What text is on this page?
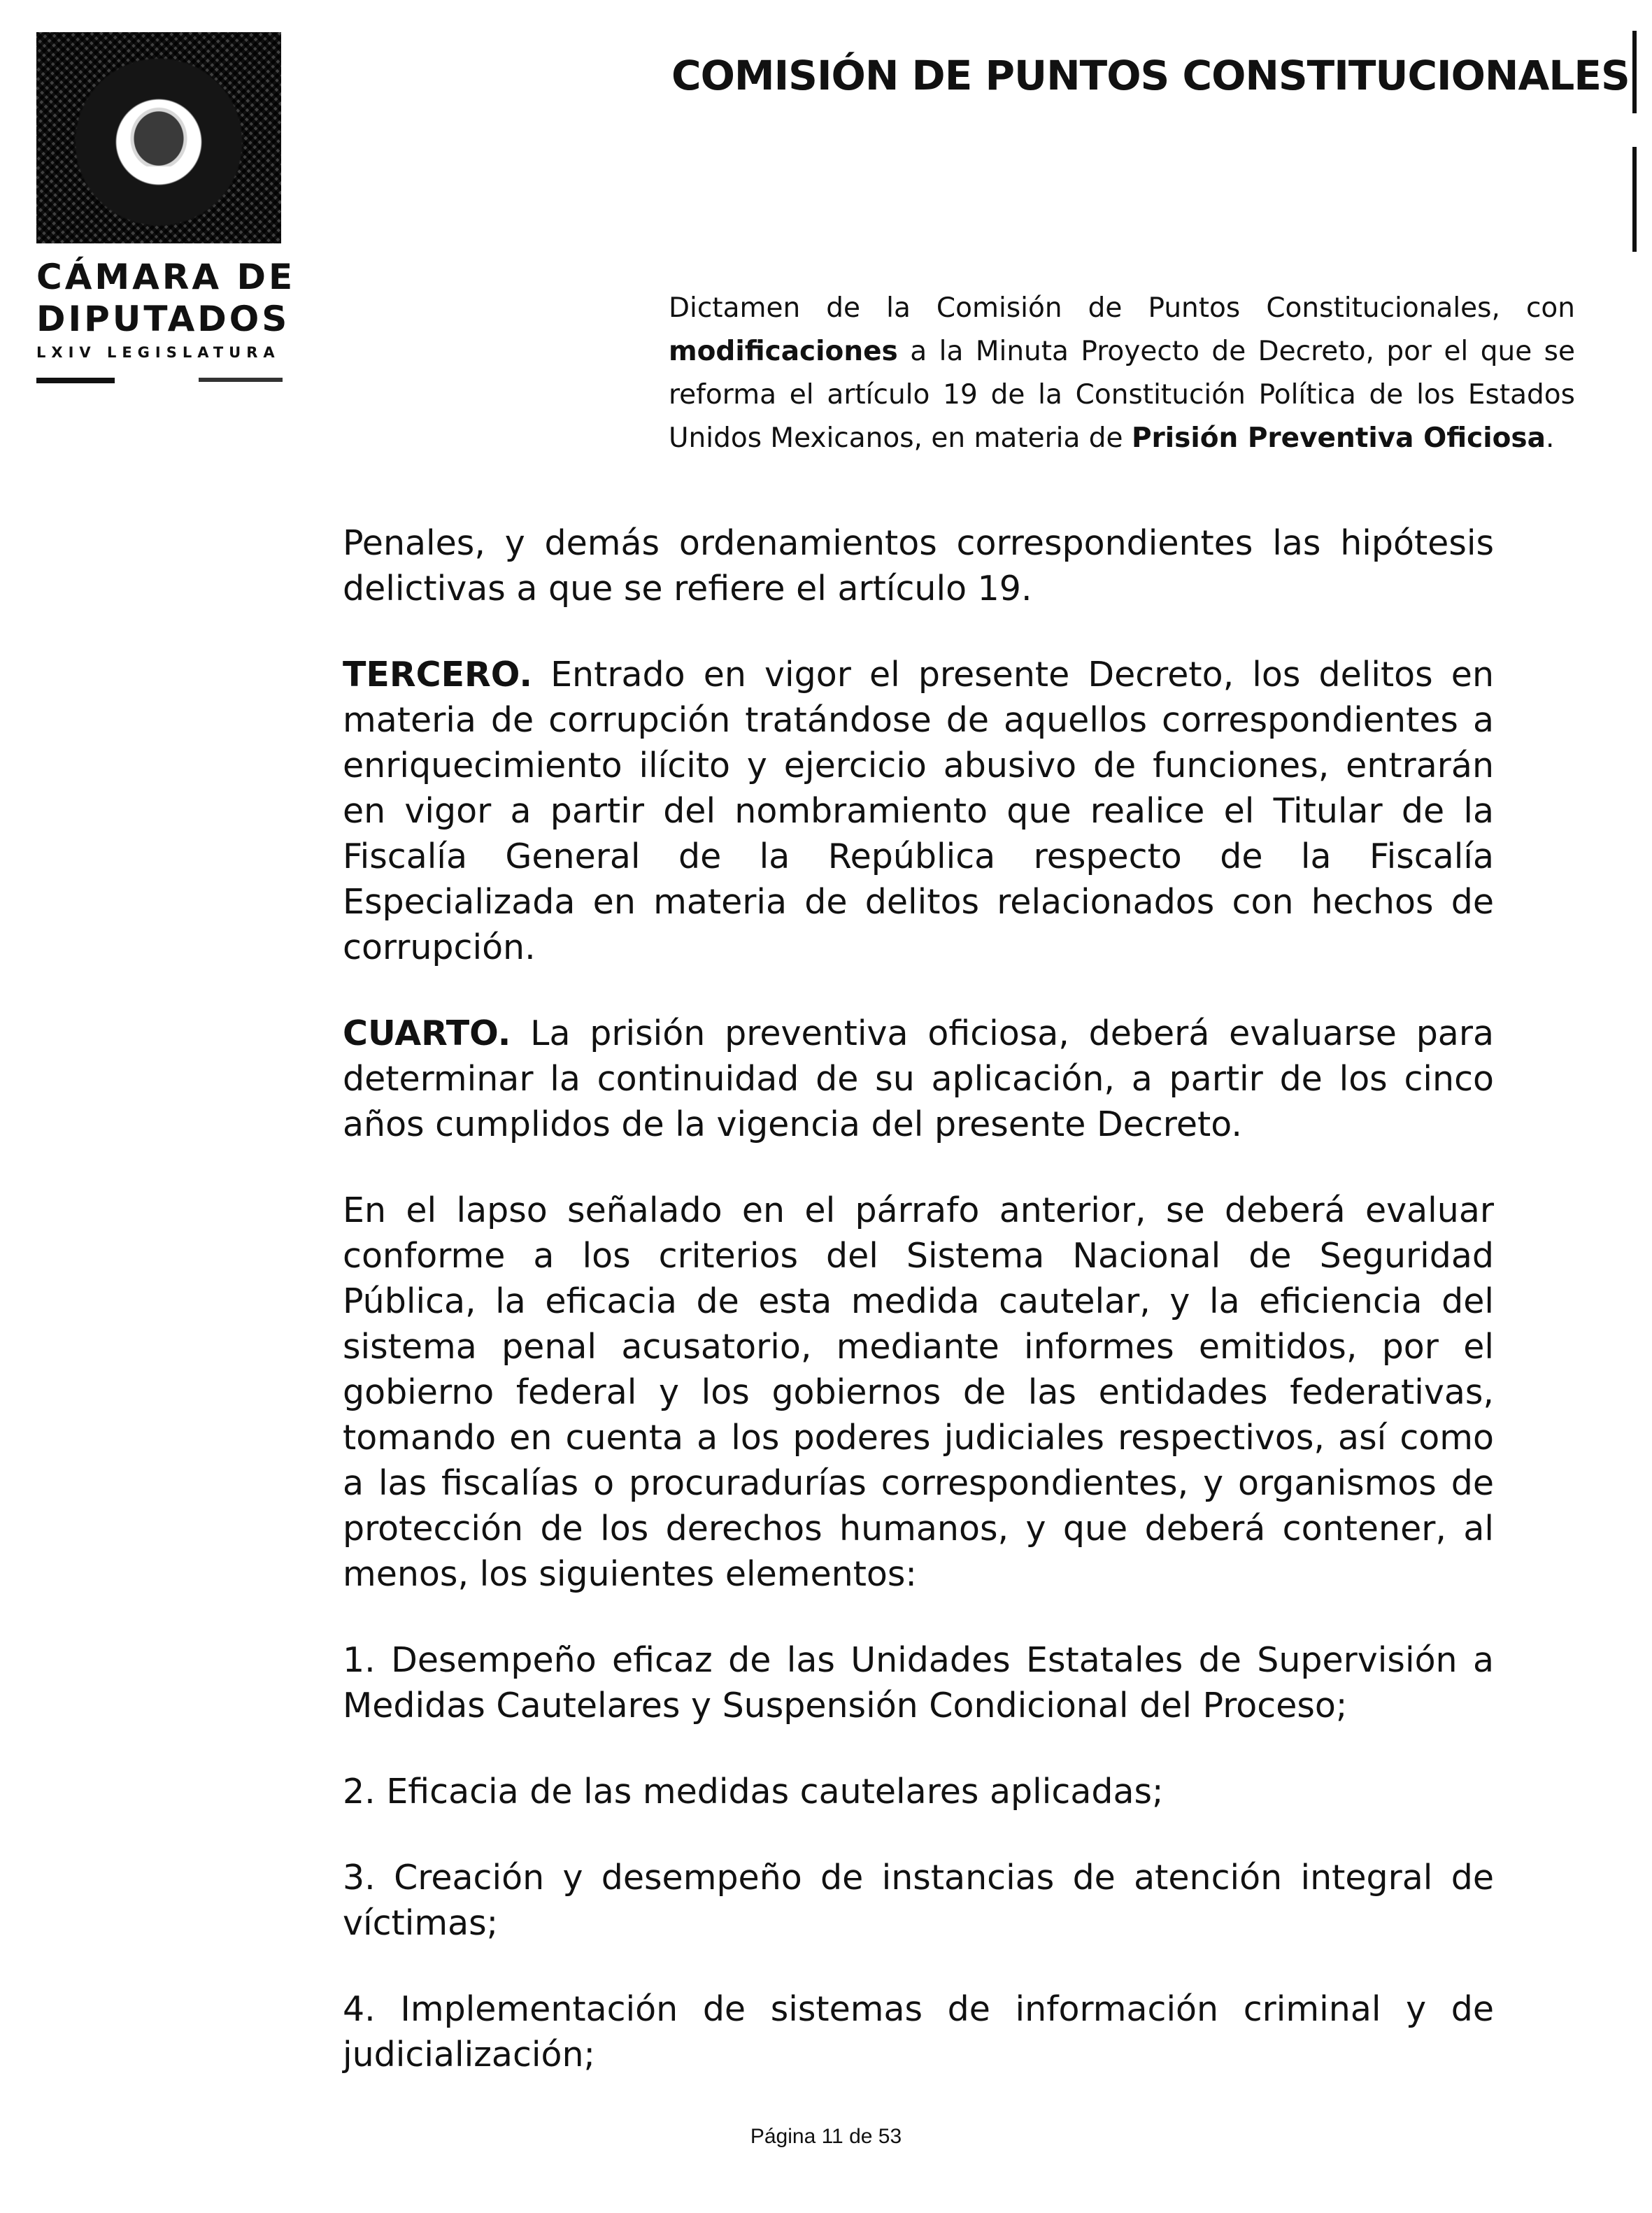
CÁMARA DE
DIPUTADOS
LXIV LEGISLATURA
COMISIÓN DE PUNTOS CONSTITUCIONALES

Dictamen de la Comisión de Puntos Constitucionales, con modificaciones a la Minuta Proyecto de Decreto, por el que se reforma el artículo 19 de la Constitución Política de los Estados Unidos Mexicanos, en materia de Prisión Preventiva Oficiosa.

Penales, y demás ordenamientos correspondientes las hipótesis delictivas a que se refiere el artículo 19.

TERCERO. Entrado en vigor el presente Decreto, los delitos en materia de corrupción tratándose de aquellos correspondientes a enriquecimiento ilícito y ejercicio abusivo de funciones, entrarán en vigor a partir del nombramiento que realice el Titular de la Fiscalía General de la República respecto de la Fiscalía Especializada en materia de delitos relacionados con hechos de corrupción.

CUARTO. La prisión preventiva oficiosa, deberá evaluarse para determinar la continuidad de su aplicación, a partir de los cinco años cumplidos de la vigencia del presente Decreto.

En el lapso señalado en el párrafo anterior, se deberá evaluar conforme a los criterios del Sistema Nacional de Seguridad Pública, la eficacia de esta medida cautelar, y la eficiencia del sistema penal acusatorio, mediante informes emitidos, por el gobierno federal y los gobiernos de las entidades federativas, tomando en cuenta a los poderes judiciales respectivos, así como a las fiscalías o procuradurías correspondientes, y organismos de protección de los derechos humanos, y que deberá contener, al menos, los siguientes elementos:

1. Desempeño eficaz de las Unidades Estatales de Supervisión a Medidas Cautelares y Suspensión Condicional del Proceso;

2. Eficacia de las medidas cautelares aplicadas;

3. Creación y desempeño de instancias de atención integral de víctimas;

4. Implementación de sistemas de información criminal y de judicialización;

Página 11 de 53
